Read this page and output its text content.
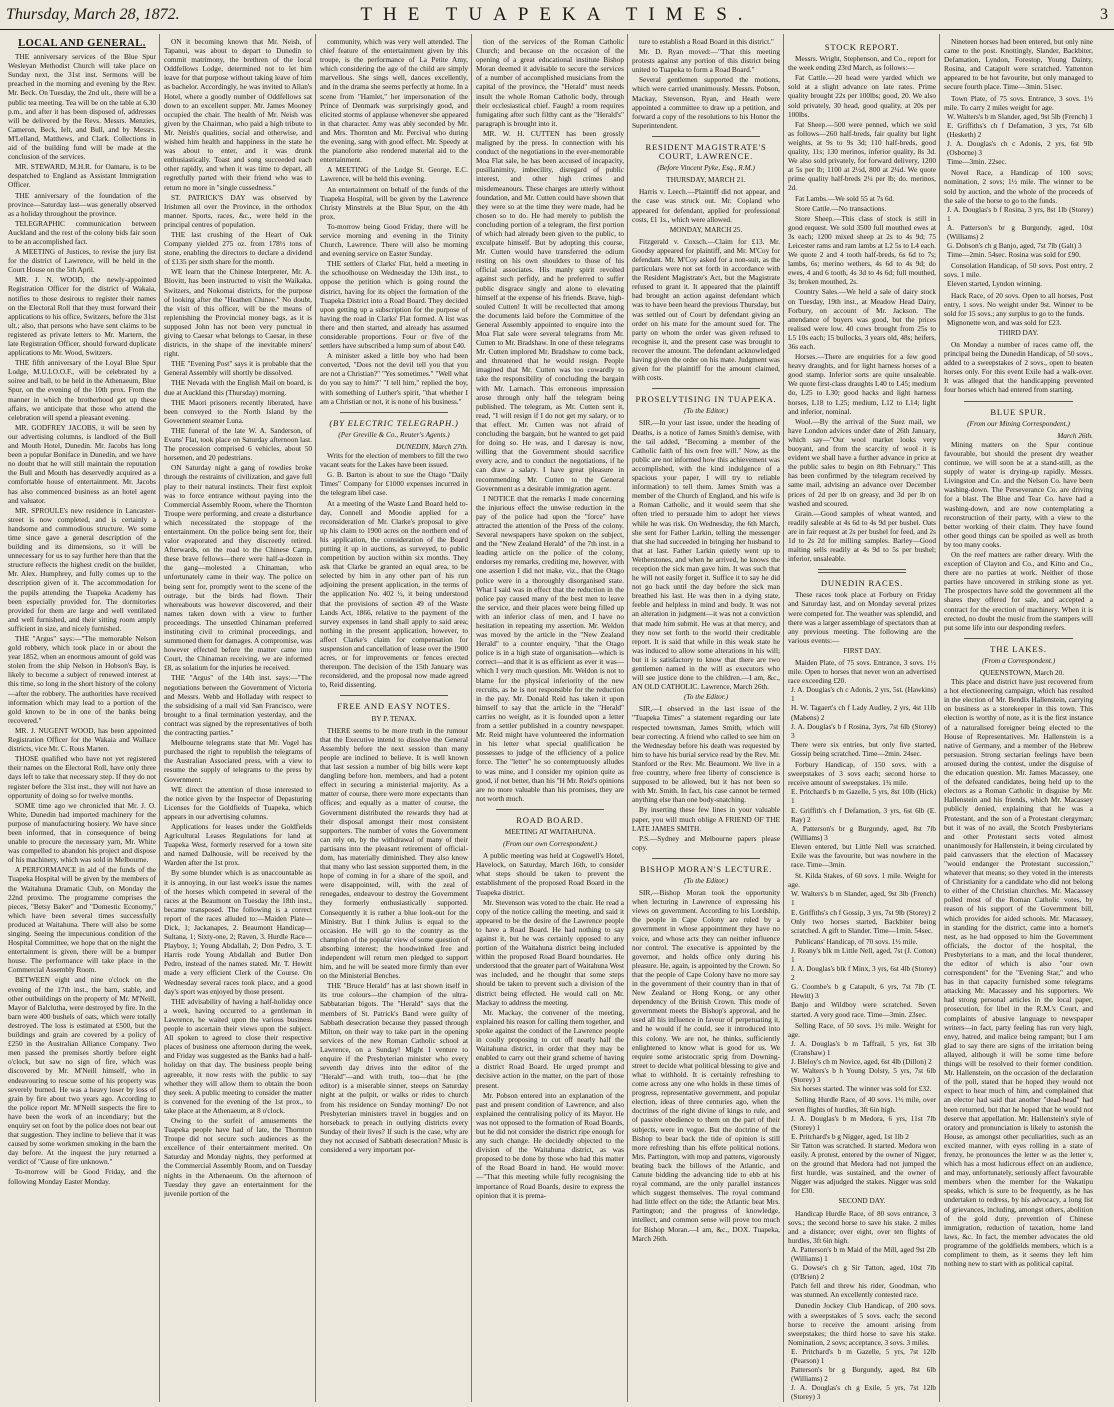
Thursday, March 28, 1872.	THE TUAPEKA TIMES.	3
LOCAL AND GENERAL.

THE anniversary services of the Blue Spur Wesleyan Methodist Church will take place on Sunday next, the 31st inst. Sermons will be preached in the morning and evening by the Rev. Mr. Beck. On Tuesday, the 2nd ult., there will be a public tea meeting. Tea will be on the table at 6.30 p.m., and after it has been disposed of, addresses will be delivered by the Revs. Messrs. Menzies, Cameron, Beck, Ielt, and Bull, and by Messrs. M'Lelland, Matthews, and Clark. Collections in aid of the building fund will be made at the conclusion of the services.

MR. STEWARD, M.H.R. for Oamaru, is to be despatched to England as Assistant Immigration Officer.

THE anniversary of the foundation of the province—Saturday last—was generally observed as a holiday throughout the province.

TELEGRAPHIC communication between Auckland and the rest of the colony bids fair soon to be an accomplished fact.

A MEETING of Justices, to revise the jury list for the district of Lawrence, will be held in the Court House on the 5th April.

MR. J. N. WOOD, the newly-appointed Registration Officer for the district of Wakaia, notifies to those desirous to register their names on the Electoral Roll that they must forward their applications to his office, Switzers, before the 31st ult.; also, that persons who have sent claims to be registered as private letters to Mr. Martern, the late Registration Officer, should forward duplicate applications to Mr. Wood, Switzers.

THE fifth anniversary of the Loyal Blue Spur Lodge, M.U.I.O.O.F., will be celebrated by a soiree and ball, to be held in the Athenaeum, Blue Spur, on the evening of the 10th prox. From the manner in which the brotherhood get up these affairs, we anticipate that those who attend the celebration will spend a pleasant evening.

MR. GODFREY JACOBS, it will be seen by our advertising columns, is landlord of the Bull and Mouth Hotel, Dunedin. Mr. Jacobs has long been a popular Boniface in Dunedin, and we have no doubt that he will still maintain the reputation the Bull and Mouth has deservedly acquired as a comfortable house of entertainment. Mr. Jacobs has also commenced business as an hotel agent and valuator.

MR. SPROULE's new residence in Lancaster-street is now completed, and is certainly a handsome and commodious structure. We some time since gave a general description of the building and its dimensions, so it will be unnecessary for us to say further here than that the structure reflects the highest credit on the builder, Mr. Alex. Humphrey, and fully comes up to the description given of it. The accommodation for the pupils attending the Tuapeka Academy has been especially provided for. The dormitories provided for them are large and well ventilated and well furnished, and their sitting room amply sufficient in size, and nicely furnished.

THE "Argus" says:—"The memorable Nelson gold robbery, which took place in or about the year 1852, when an enormous amount of gold was stolen from the ship Nelson in Hobson's Bay, is likely to become a subject of renewed interest at this time, so long in the short history of the colony—after the robbery. The authorities have received information which may lead to a portion of the gold known to be in one of the banks being recovered."

MR. J. NUGENT WOOD, has been appointed Registration Officer for the Wakaia and Wallace districts, vice Mr. C. Rous Marten.

THOSE qualified who have not yet registered their names on the Electoral Roll, have only three days left to take that necessary step. If they do not register before the 31st inst., they will not have an opportunity of doing so for twelve months.

SOME time ago we chronicled that Mr. J. O. White, Dunedin had imported machinery for the purpose of manufacturing hosiery. We have since been informed, that in consequence of being unable to procure the necessary yarn, Mr. White was compelled to abandon his project and dispose of his machinery, which was sold in Melbourne.

A PERFORMANCE in aid of the funds of the Tuapeka Hospital will be given by the members of the Waitahuna Dramatic Club, on Monday the 22nd proximo. The programme comprises the pieces, "Betsy Baker" and "Domestic Economy," which have been several times successfully produced at Waitahuna. There will also be some singing. Seeing the impecunious condition of the Hospital Committee, we hope that on the night the entertainment is given, there will be a bumper house. The performance will take place in the Commercial Assembly Room.

BETWEEN eight and nine o'clock on the evening of the 17th inst., the barn, stable, and other outbuildings on the property of Mr. M'Neill, Mayor of Balclutha, were destroyed by fire. In the barn were 400 bushels of oats, which were totally destroyed. The loss is estimated at £500, but the buildings and grain are covered by a policy of £250 in the Australian Alliance Company. Two men passed the premises shortly before eight o'clock, but saw no sign of fire, which was discovered by Mr. M'Neill himself, who in endeavouring to rescue some of his property was severely burned. He was a heavy loser by loss of grain by fire about two years ago. According to the police report Mr. M'Neill suspects the fire to have been the work of an incendiary; but the enquiry set on foot by the police does not bear out that suggestion. They incline to believe that it was caused by some workmen smoking in the barn the day before. At the inquest the jury returned a verdict of "Cause of fire unknown."

To-morrow will be Good Friday, and the following Monday Easter Monday.

ON it becoming known that Mr. Neish, of Tapanui, was about to depart to Dunedin to commit matrimony, the brethren of the local Oddfellows Lodge, determined not to let him leave for that purpose without taking leave of him as bachelor. Accordingly, he was invited to Allan's Hotel, where a goodly number of Oddfellows sat down to an excellent supper. Mr. James Mooney occupied the chair. The health of Mr. Neish was given by the Chairman, who paid a high tribute to Mr. Neish's qualities, social and otherwise, and wished him health and happiness in the state he was about to enter, and it was drunk enthusiastically. Toast and song succeeded each other rapidly, and when it was time to depart, all regretfully parted with their friend who was to return no more in "single cussedness."

ST. PATRICK'S DAY was observed by Irishmen all over the Province, in the orthodox manner. Sports, races, &c., were held in the principal centres of population.

THE last crushing of the Heart of Oak Company yielded 275 oz. from 178½ tons of stone, enabling the directors to declare a dividend of £135 per sixth share for the month.

WE learn that the Chinese Interpreter, Mr. A. Blovitt, has been instructed to visit the Waikaka, Switzers, and Nokomai districts, for the purpose of looking after the "Heathen Chinee." No doubt, the visit of this officer, will be the means of replenishing the Provincial money bags, as it is supposed John has not been very punctual in giving to Caesar what belongs to Caesar, in these districts, in the shape of the inevitable miners' right.

THE "Evening Post" says it is probable that the General Assembly will shortly be dissolved.

THE Nevada with the English Mail on board, is due at Auckland this (Thursday) morning.

THE Maori prisoners recently liberated, have been conveyed to the North Island by the Government steamer Luna.

THE funeral of the late W. A. Sanderson, of Evans' Flat, took place on Saturday afternoon last. The procession comprised 6 vehicles, about 50 horsemen, and 20 pedestrians.

ON Saturday night a gang of rowdies broke through the restraints of civilization, and gave full play to their natural instincts. Their first exploit was to force entrance without paying into the Commercial Assembly Room, where the Thornton Troupe were performing, and create a disturbance which necessitated the stoppage of the entertainment. On the police being sent for, their valor evaporated and they discreetly retired. Afterwards, on the road to the Chinese Camp, these brave fellows—there were half-a-dozen in the gang—molested a Chinaman, who unfortunately came in their way. The police on being sent for, promptly went to the scene of the outrage, but the birds had flown. Their whereabouts was however discovered, and their names taken down with a view to further proceedings. The unsettled Chinaman preferred instituting civil to criminal proceedings, and summoned them for damages. A compromise, was however effected before the matter came into Court, the Chinaman receiving, we are informed £8, as solatium for the injuries he received.

THE "Argus" of the 14th inst. says:—"The negotiations between the Government of Victoria and Messrs. Webb and Holladay with respect to the subsidising of a mail vid San Francisco, were brought to a final termination yesterday, and the contract was signed by the representatives of both the contracting parties."

Melbourne telegrams state that Mr. Vogel has purchased the right to republish the telegrams of the Australian Associated press, with a view to resume the supply of telegrams to the press by Government.

WE direct the attention of those interested to the notice given by the Inspector of Depasturing Licenses for the Goldfields of Tuapeka, which appears in our advertising columns.

Applications for leases under the Goldfields Agricultural Leases Regulations for land at Tuapeka West, formerly reserved for a town site and named Dalhousie, will be received by the Warden after the 1st prox.

By some blunder which is as unaccountable as it is annoying, in our last week's issue the names of the horses which competed in several of the races at the Beaumont on Tuesday the 18th inst., became transposed. The following is a correct report of the races alluded to:—Maiden Plate—Dick, 1; Jackanapes, 2. Beaumont Handicap—Sultana, 1; Sixty-one, 2; Raven, 3. Hurdle Race—Playboy, 1; Young Abdallah, 2; Don Pedro, 3. T. Harris rode Young Abdallah and Butler Don Pedro, instead of the names stated. Mr. T. Hewitt made a very efficient Clerk of the Course. On Wednesday several races took place, and a good day's sport was enjoyed by those present.

THE advisability of having a half-holiday once a week, having occurred to a gentleman in Lawrence, he waited upon the various business people to ascertain their views upon the subject. All spoken to agreed to close their respective places of business one afternoon during the week, and Friday was suggested as the Banks had a half-holiday on that day. The business people being agreeable, it now rests with the public to say whether they will allow them to obtain the boon they seek. A public meeting to consider the matter is convened for the evening of the 1st prox., to take place at the Athenaeum, at 8 o'clock.

Owing to the surfeit of amusements the Tuapeka people have had of late, the Thornton Troupe did not secure such audiences as the excellence of their entertainment merited. On Saturday and Monday nights, they performed at the Commercial Assembly Room, and on Tuesday nights in the Athenaeum. On the afternoon of Tuesday they gave an entertainment for the juvenile portion of the

community, which was very well attended. The chief feature of the entertainment given by this troupe, is the performance of La Petite Amy, which considering the age of the child are simply marvellous. She sings well, dances excellently, and in the drama she seems perfectly at home. In a scene from "Hamlet," her impersonation of the Prince of Denmark was surprisingly good, and elicited storms of applause whenever she appeared in that character. Amy was ably seconded by Mr. and Mrs. Thornton and Mr. Percival who during the evening, sang with good effect. Mr. Speedy at the pianoforte also rendered material aid to the entertainment.

A MEETING of the Lodge St. George, E.C. Lawrence, will be held this evening.

An entertainment on behalf of the funds of the Tuapeka Hospital, will be given by the Lawrence Christy Minstrels at the Blue Spur, on the 4th prox.

To-morrow being Good Friday, there will be service morning and evening in the Trinity Church, Lawrence. There will also be morning and evening service on Easter Sunday.

THE settlers of Clarks' Flat, held a meeting in the schoolhouse on Wednesday the 13th inst., to oppose the petition which is going round the district, having for its object the formation of the Tuapeka District into a Road Board. They decided upon getting up a subscription for the purpose of having the road in Clarks' Flat formed. A list was there and then started, and already has assumed considerable proportions. Four or five of the settlers have subscribed a lump sum of about £40.

A minister asked a little boy who had been converted, "Does not the devil tell you that you are not a Christian?" "Yes sometimes." "Well what do you say to him?" "I tell him," replied the boy, with something of Luther's spirit, "that whether I am a Christian or not, it is none of his business."

(BY ELECTRIC TELEGRAPH.)
(Per Greville & Co., Reuter's Agents.)

DUNEDIN, March 27th.

Writs for the election of members to fill the two vacant seats for the Lakes have been issued.

G. B. Barton is about to sue the Otago "Daily Times" Company for £1000 expenses incurred in the telegram libel case.

At a meeting of the Waste Land Board held to-day, Connell and Moodie applied for a reconsideration of Mr. Clarke's proposal to give up his claim to 1900 acres on the northern end of his application, the consideration of the Board putting it up in auctions, as surveyed, to public competition by auction within six months. They ask that Clarke be granted an equal area, to be selected by him in any other part of his run adjoining the present application, in the terms of the application No. 402 ½, it being understood that the provisions of section 49 of the Waste Lands Act, 1866, relative to the payment of the survey expenses in land shall apply to said area; nothing in the present application, however, to affect Clarke's claim for compensation for suspension and cancellation of lease over the 1900 acres, or for improvements or fences erected thereupon. The decision of the 15th January was reconsidered, and the proposal now made agreed to, Reid dissenting.

FREE AND EASY NOTES.
BY P. TENAX.

THERE seems to be more truth in the rumour that the Executive intend to dissolve the General Assembly before the next session than many people are inclined to believe. It is well known that last session a number of big bills were kept dangling before hon. members, and had a potent effect in securing a ministerial majority. As a matter of course, there were more expectants than offices; and equally as a matter of course, the Government distributed the rewards they had at their disposal amongst their most consistent supporters. The number of votes the Government can rely on, by the withdrawal of many of their partisans into the pleasant retirement of official-dom, has materially diminished. They also know that many who last session supported them, in the hope of coming in for a share of the spoil, and were disappointed, will, with the zeal of renegades, endeavour to destroy the Government they formerly enthusiastically supported. Consequently it is rather a blue look-out for the Ministry. But I think Julius is equal to the occasion. He will go to the country as the champion of the popular view of some question of absorbing interest; the hoodwinked free and independent will return men pledged to support him, and he will be seated more firmly than ever on the Ministerial Benches.

THE "Bruce Herald" has at last shown itself in its true colours—the champion of the ultra-Sabbatarian bigots. The "Herald" says that the members of St. Patrick's Band were guilty of Sabbath desecration because they passed through Milton, on their way to take part in the opening services of the new Roman Catholic school at Lawrence, on a Sunday! Might I venture to enquire if the Presbyterian minister who every seventh day drives into the editor of the "Herald"—and with truth, too—that he (the editor) is a miserable sinner, steeps on Saturday night at the pulpit, or walks or rides to church from his residence on Sunday morning? Do not Presbyterian ministers travel in buggies and on horseback to preach in outlying districts every Sunday of their lives? If such is the case, why are they not accused of Sabbath desecration? Music is considered a very important por-

tion of the services of the Roman Catholic Church; and because on the occasion of the opening of a great educational institute Bishop Moran deemed it advisable to secure the services of a number of accomplished musicians from the capital of the province, the "Herald" must needs insult the whole Roman Catholic body, through their ecclesiastical chief. Faugh! a room requires fumigating after such filthy cant as the "Herald's" paragraph is brought into it.

MR. W. H. CUTTEN has been grossly maligned by the press. In connection with his conduct of the negotiations in the ever-memorable Moa Flat sale, he has been accused of incapacity, pusillanimity, imbecility, disregard of public interest, and other high crimes and misdemeanours. These charges are utterly without foundation, and Mr. Cutten could have shown that they were so at the time they were made, had he chosen so to do. He had merely to publish the concluding portion of a telegram, the first portion of which had already been given to the public, to exculpate himself. But by adopting this course, Mr. Cutten would have transferred the odium resting on his own shoulders to those of his official associates. His manly spirit revolted against such perfidy, and he preferred to suffer public disgrace singly and alone to elevating himself at the expense of his friends. Brave, high-souled Cutten! It will be recollected that among the documents laid before the Committee of the General Assembly appointed to enquire into the Moa Flat sale were several telegrams from Mr. Cutten to Mr. Bradshaw. In one of these telegrams Mr. Cutten implored Mr. Bradshaw to come back, and threatened that he would resign. People imagined that Mr. Cutten was too cowardly to take the responsibility of concluding the bargain with Mr. Larnach. This erroneous impression arose through only half the telegram being published. The telegram, as Mr. Cutten sent it, read, "I will resign if I do not get my salary, or to that effect. Mr. Cutten was not afraid of concluding the bargain, but he wanted to get paid for doing so. He was, and I daresay is now, willing that the Government should sacrifice every acre, and to conduct the negotiations, if he can draw a salary. I have great pleasure in recommending Mr. Cutten to the General Government as a desirable immigration agent.

I NOTICE that the remarks I made concerning the injurious effect the unwise reduction in the pay of the police had upon the "force" have attracted the attention of the Press of the colony. Several newspapers have spoken on the subject, and the "New Zealand Herald" of the 7th inst. in a leading article on the police of the colony, endorses my remarks, crediting me, however, with one assertion I did not make, viz., that the Otago police were in a thoroughly disorganised state. What I said was in effect that the reduction in the police pay caused many of the best men to leave the service, and their places were being filled up with an inferior class of men, and I have no hesitation in repeating my assertion. Mr. Weldon was moved by the article in the "New Zealand Herald" to a counter enquiry, "that the Otago police is in a high state of organisation—which is correct—and that it is as efficient as ever it was—which I very much question. Mr. Weldon is not to blame for the physical inferiority of the new recruits, as he is not responsible for the reduction in the pay. Mr. Donald Reid has taken it upon himself to say that the article in the "Herald" carries no weight, as it is founded upon a letter from a settler published in a country newspaper. Mr. Reid might have volunteered the information in his letter what special qualification he possesses to judge of the efficiency of a police force. The "letter" he so contemptuously alludes to was mine, and I consider my opinion quite as good, if not better, than his "H Mr. Reid's opinions are no more valuable than his promises, they are not worth much.

ROAD BOARD.
MEETING AT WAITAHUNA.
(From our own Correspondent.)

A public meeting was held at Cogswell's Hotel, Havelock, on Saturday, March 16th, to consider what steps should be taken to prevent the establishment of the proposed Road Board in the Tuapeka district.

Mr. Stevenson was voted to the chair. He read a copy of the notice calling the meeting, and said it appeared to be the desire of the Lawrence people to have a Road Board. He had nothing to say against it, but he was certainly opposed to any portion of the Waitahuna district being included within the proposed Road Board boundaries. He understood that the greater part of Waitahuna West was included, and he thought that some steps should be taken to prevent such a division of the district being effected. He would call on Mr. Mackay to address the meeting.

Mr. Mackay, the convener of the meeting, explained his reason for calling them together, and spoke against the conduct of the Lawrence people in coolly proposing to cut off nearly half the Waitahuna district, in order that they may be enabled to carry out their grand scheme of having a district Road Board. He urged prompt and decisive action in the matter, on the part of those present.

Mr. Pobson entered into an explanation of the past and present condition of Lawrence, and also explained the centralising policy of its Mayor. He was not opposed to the formation of Road Boards, but he did not consider the district ripe enough for any such change. He decidedly objected to the division of the Waitahuna district, as was proposed to be done by those who had this matter of the Road Board in hand. He would move:—"That this meeting while fully recognising the importance of Road Boards, desire to express the opinion that it is prema-

ture to establish a Road Board in this district."

Mr. D. Ryan moved:—"That this meeting protests against any portion of this district being united to Tuapeka to form a Road Board."

Several gentlemen supported the motions, which were carried unanimously. Messrs. Pobson, Mackay, Stevenson, Ryan, and Heath were appointed a committee to draw up a petition, and forward a copy of the resolutions to his Honor the Superintendent.

RESIDENT MAGISTRATE'S COURT, LAWRENCE.
(Before Vincent Pyke, Esq., R.M.)
THURSDAY, MARCH 21.

Harris v. Leech.—Plaintiff did not appear, and the case was struck out. Mr. Copland who appeared for defendant, applied for professional costs, £1 1s., which were allowed.

MONDAY, MARCH 25.

Fitzgerald v. Coxsch.—Claim for £13. Mr. Goodsy appeared for plaintiff, and Mr. M'Coy for defendant. Mr. M'Coy asked for a non-suit, as the particulars were not set forth in accordance with the Resident Magistrate's Act, but the Magistrate refused to grant it. It appeared that the plaintiff had brought an action against defendant which was to have been heard the previous Thursday, but was settled out of Court by defendant giving an order on his mate for the amount sued for. The party on whom the order was given refused to recognise it, and the present case was brought to recover the amount. The defendant acknowledged having given the order on his mate. Judgment was given for the plaintiff for the amount claimed, with costs.

PROSELYTISING IN TUAPEKA.
(To the Editor.)

SIR,—In your last issue, under the heading of Deaths, is a notice of James Smith's demise, with the tail added, "Becoming a member of the Catholic faith of his own free will." Now, as the public are not informed how this achievement was accomplished, with the kind indulgence of a spacious your paper, I will try to reliable information) to tell them. James Smith was a member of the Church of England, and his wife is a Roman Catholic, and it would seem that she often tried to persuade him to adopt her views while he was risk. On Wednesday, the 6th March, she sent for Father Larkin, telling the messenger that she had succeeded in bringing her husband to that at last. Father Larkin quietly went up to Wetherstones, and when he arrived, he knows the reception the sick man gave him. It was such that he will not easily forget it. Suffice it to say he did not go back until the day before the sick man breathed his last. He was then in a dying state, feeble and helpless in mind and body. It was not an alteration in judgment—it was not a conviction that made him submit. He was at that mercy, and they now set forth to the world their creditable report. It is said that while in this weak state he was induced to allow some alterations in his will; but it is satisfactory to know that there are two gentlemen named in the will as executors who will see justice done to the children.—I am, &c., AN OLD CATHOLIC. Lawrence, March 26th.

(To the Editor.)

SIR,—I observed in the last issue of the "Tuapeka Times" a statement regarding our late respected townsman, James Smith, which will bear correcting. A friend who called to see him on the Wednesday before his death was requested by him to have his burial service read by the Rev. Mr. Stanford or the Rev. Mr. Beaumont. We live in a free country, where free liberty of conscience is supposed to be allowed, but it has not been so with Mr. Smith. In fact, his case cannot be termed anything else than one body-snatching.

By inserting these few lines in your valuable paper, you will much oblige A FRIEND OF THE LATE JAMES SMITH.

P.S.—Sydney and Melbourne papers please copy.

BISHOP MORAN'S LECTURE.
(To the Editor.)

SIR,—Bishop Moran took the opportunity when lecturing in Lawrence of expressing his views on government. According to his Lordship, the people in Cape Colony are ruled by a government in whose appointment they have no voice, and whose acts they can neither influence nor control. The executive is appointed by the governor, and holds office only during his pleasure. He, again, is appointed by the Crown. So that the people of Cape Colony have no more say in the government of their country than in that of New Zealand or Hong Kong, or any other dependency of the British Crown. This mode of government meets the Bishop's approval, and he used all his influence in favour of perpetuating it, and he would if he could, see it introduced into this colony. We are not, he thinks, sufficiently enlightened to know what is good for us. We require some aristocratic sprig from Downing-street to decide what political blessing to give and what to withhold. It is certainly refreshing to come across any one who holds in these times of progress, representative government, and popular election, ideas of three centuries ago, when the doctrines of the right divine of kings to rule, and of passive obedience to them on the part of their subjects, were in vogue. But the doctrine of the Bishop to bear back the tide of opinion is still more refreshing than his effete political notions. Mrs. Partington, with mop and pattens, vigorously beating back the billows of the Atlantic, and Canute bidding the advancing tide to ebb at his royal command, are the only parallel instances which suggest themselves. The royal command had little effect on the tide; the Atlantic beat Mrs. Partington; and the progress of knowledge, intellect, and common sense will prove too much for Bishop Moran.—I am, &c., DOX. Tuapeka, March 26th.

STOCK REPORT.

Messrs. Wright, Stephenson, and Co., report for the week ending 23rd March, as follows:—

Fat Cattle.—20 head were yarded which we sold at a slight advance on late rates. Prime quality brought 22s per 100lbs; good, 20. We also sold privately, 30 head, good quality, at 20s per 100lbs.

Fat Sheep.—500 were penned, which we sold as follows—260 half-breds, fair quality but light weights, at 9s to 9s 3d; 110 half-breds, good quality, 11s; 130 merinos, inferior quality, 8s 3d. We also sold privately, for forward delivery, 1200 at 5s per lb; 1100 at 2½d, 800 at 2¼d. We quote prime quality half-breds 2¼ per lb; do. merinos, 2d.

Fat Lambs.—We sold 55 at 7s 6d.

Store Cattle.—No transactions.

Store Sheep.—This class of stock is still in good request. We sold 3500 full mouthed ewes at 3s each; 1200 mixed sheep at 2s to 4s 9d; 75 Leicester rams and ram lambs at L2 5s to L4 each. We quote 2 and 4 tooth half-breds, 6s 6d to 7s; lambs, 6s; merino wethers, 4s 6d to 4s 9d; do ewes, 4 and 6 tooth, 4s 3d to 4s 6d; full mouthed, 3s; broken mouthed, 2s.

Country Sales.—We held a sale of dairy stock on Tuesday, 19th inst., at Meadow Head Dairy, Forbury, on account of Mr. Jackson. The attendance of buyers was good, but the prices realised were low. 40 cows brought from 25s to L5 10s each; 15 bullocks, 3 years old, 48s; heifers, 36s each.

Horses.—There are enquiries for a few good heavy draughts, and for light harness horses of a good stamp. Inferior sorts are quite unsaleable. We quote first-class draughts L40 to L45; medium do, L25 to L30; good hacks and light harness horses, L18 to L25; medium, L12 to L14; light and inferior, nominal.

Wool.—By the arrival of the Suez mail, we have London advices under date of 26th January, which say—"Our wool market looks very buoyant, and from the scarcity of wool it is evident we shall have a further advance in price at the public sales to begin on 8th February." This has been confirmed by the telegram received by same mail, advising an advance over December prices of 2d per lb on greasy, and 3d per lb on washed and scoured.

Grain.—Good samples of wheat wanted, and readily saleable at 4s 6d to 4s 9d per bushel. Oats are in fair request at 2s per bushel for feed, and 2s 1d to 2s 2d for milling samples. Barley—Good malting sells readily at 4s 9d to 5s per bushel; inferior, unsaleable.

DUNEDIN RACES.

These races took place at Forbury on Friday and Saturday last, and on Monday several prizes were competed for. The weather was splendid, and there was a larger assemblage of spectators than at any previous meeting. The following are the various events:—

FIRST DAY.
Maiden Plate, of 75 sovs. Entrance, 3 sovs. 1½ mile. Open to horses that never won an advertised race exceeding £20.
J. A. Douglas's ch c Adonis, 2 yrs, 5st. (Hawkins) 1
H. W. Tagaert's ch f Lady Audley, 2 yrs, 4st 11lb (Mabens) 2
J. A. Douglas's b f Rosina, 3yrs, 7st 6lb (Storey) 3
There were six entries, but only five started, Gossip being scratched. Time—2min. 24sec.
Forbury Handicap, of 150 sovs. with a sweepstakes of 3 sovs each; second horse to receive amount of sweepstakes. 1¾ mile.
E. Pritchard's b m Gazelle, 5 yrs, 8st 10lb (Hick) 1
E. Griffith's ch f Defamation, 3 yrs, 6st 6lb (E. Ray) 2
A. Patterson's br g Burgundy, aged, 8st 7lb (Williams) 3
Eleven entered, but Little Nell was scratched. Exile was the favourite, but was nowhere in the race. Time—3min.
St. Kilda Stakes, of 60 sovs. 1 mile. Weight for age.
W. Walters's b m Slander, aged, 9st 3lb (French) 1
E. Griffiths's ch f Gossip, 3 yrs, 7st 9lb (Storey) 2
Only two horses started, Backbiter being scratched. A gift to Slander. Time—1min. 54sec.
Publicans' Handicap, of 70 sovs. 1½ mile.
J. Reany's blk m Little Nell, aged, 7st (J. Cotton) 1
J. A. Douglas's blk f Minx, 3 yrs, 6st 4lb (Storey) 2
G. Coombe's b g Catapult, 6 yrs, 7st 7lb (T. Hewitt) 3
Banjo and Wildboy were scratched. Seven started. A very good race. Time—3min. 23sec.
Selling Race, of 50 sovs. 1½ mile. Weight for age.
J. A. Douglas's b m Taffrail, 5 yrs, 6st 3lb (Cranshaw) 1
J. Bleloy's ch m Novice, aged, 6st 4lb (Dillon) 2
W. Walters's b h Young Dolsty, 5 yrs, 7st 6lb (Storey) 3
Six horses started. The winner was sold for £32.
Selling Hurdle Race, of 40 sovs. 1½ mile, over seven flights of hurdles, 3ft 6in high.
J. A. Douglas's b m Medora, 6 yrs, 11st 7lb (Storey) 1
E. Pritchard's b g Nigger, aged, 1st 1lb 2
Sir Tatton was scratched. It started. Medora won easily. A protest, entered by the owner of Nigger, on the ground that Medora had not jumped the first hurdle, was sustained, and the owner of Nigger was adjudged the stakes. Nigger was sold for £30.
SECOND DAY.
Handicap Hurdle Race, of 80 sovs entrance, 3 sovs.; the second horse to save his stake. 2 miles and a distance; over eight, over ten flights of hurdles, 3ft 6in high.
A. Patterson's b m Maid of the Mill, aged 9st 2lb (Williams) 1
G. Dowse's ch g Sir Tatton, aged, 10st 7lb (O'Brien) 2
Patch fell and threw his rider, Goodman, who was stunned. An excellently contested race.
Dunedin Jockey Club Handicap, of 200 sovs. with a sweepstakes of 5 sovs. each; the second horse to receive the amount arising from sweepstakes; the third horse to save his stake. Nomination, 2 sovs; acceptance, 3 sovs. 3 miles.
E. Pritchard's b m Gazelle, 5 yrs, 7st 12lb (Pearson) 1
Patterson's br g Burgundy, aged, 8st 6lb (Williams) 2
J. A. Douglas's ch g Exile, 5 yrs, 7st 12lb (Storey) 3

Nineteen horses had been entered, but only nine came to the post. Knottingly, Slander, Backbiter, Defamation, Lyndon, Forestop, Young Dainty, Rosina, and Catapult were scratched. Yattenton appeared to be hot favourite, but only managed to secure fourth place. Time—3min. 51sec.

Town Plate, of 75 sovs. Entrance, 3 sovs. 1½ mile. To carry 2 miles weight for age.
W. Walters's b m Slander, aged, 9st 5lb (French) 1
E. Griffiths's ch f Defamation, 3 yrs, 7st 6lb (Hesketh) 2
J. A. Douglas's ch c Adonis, 2 yrs, 6st 9lb (Osborne) 3
Time—3min. 22sec.
Novel Race, a Handicap of 100 sovs; nomination, 2 sovs; 1½ mile. The winner to be sold by auction, and the whole of the proceeds of the sale of the horse to go to the funds.
J. A. Douglas's b f Rosina, 3 yrs, 8st 1lb (Storey) 1
A. Patterson's br g Burgundy, aged, 10st (Williams) 2
G. Dobson's ch g Banjo, aged, 7st 7lb (Galt) 3
Time—2min. 54sec. Rosina was sold for £90.
Consolation Handicap, of 50 sovs. Post entry, 2 sovs. 1 mile.
Eleven started, Lyndon winning.
Hack Race, of 20 sovs. Open to all horses, Post entry, 1 sovs. No weight under 9st. Winner to be sold for 15 sovs.; any surplus to go to the funds.
Mignonette won, and was sold for £23.
THIRD DAY.

On Monday a number of races came off, the principal being the Dunedin Handicap, of 50 sovs., added to a sweepstakes of 2 sovs., open to beaten horses only. For this event Exile had a walk-over. It was alleged that the handicapping prevented four horses which had entered from starting.

BLUE SPUR.
(From our Mining Correspondent.)

March 26th.

Mining matters on the Spur continue favourable, but should the present dry weather continue, we will soon be at a stand-still, as the supply of water is drying-up rapidly. Messrs. Livingston and Co. and the Nelson Co. have been washing-down. The Perseverance Co. are driving for a blast. The Blue and Tear Co. have had a washing-down, and are now contemplating a reconstruction of their party, with a view to the better working of their claim. They have found other good things can be spoiled as well as broth by too many cooks.

On the reef matters are rather dreary. With the exception of Clayton and Co., and Kitto and Co., there are no parties at work. Neither of those parties have uncovered in striking stone as yet. The prospectors have sold the government all the shares they offered for sale, and accepted a contract for the erection of machinery. When it is erected, no doubt the music from the stampers will put some life into our desponding reefers.

THE LAKES.
(From a Correspondent.)

QUEENSTOWN, March 20.

This place and district have just recovered from a hot electioneering campaign, which has resulted in the election of Mr. Bendix Hallenstein, carrying on business as a storekeeper in this town. This election is worthy of note, as it is the first instance of a naturalised foreigner being elected to the House of Representatives. Mr. Hallenstein is a native of Germany, and a member of the Hebrew persuasion. Strong sectarian feelings have been aroused during the contest, under the disguise of the education question. Mr. James Macassey, one of the defeated candidates, being held up to the electors as a Roman Catholic in disguise by Mr. Hallenstein and his friends, which Mr. Macassey publicly denied, explaining that he was a Protestant, and the son of a Protestant clergyman; but it was of no avail, the Scotch Presbyterians and other Protestant sects voted almost unanimously for Hallenstein, it being circulated by paid canvassers that the election of Macassey "would endanger the Protestant succession," whatever that means; so they voted in the interests of Christianity for a candidate who did not belong to either of the Christian churches. Mr. Macassey polled most of the Roman Catholic votes, by reason of his support of the Government bill, which provides for aided schools. Mr. Macassey, in standing for the district, came into a hornet's nest, as he had opposed to him the Government officials, the doctor of the hospital, the Presbyterians to a man, and the local thunderer, the editor of which is also "our own correspondent" for the "Evening Star," and who has in that capacity furnished some telegrams attacking Mr. Macassey and his supporters. We had strong personal articles in the local paper, prosecution, for libel in the R.M.'s Court, and complaints of abusive language to newspaper writers—in fact, party feeling has run very high, envy, hatred, and malice being rampant; but I am glad to say there are signs of the irritation being allayed, although it will be some time before things will be resolved to their former condition. Mr. Hallenstein, on the occasion of the declaration of the poll, stated that he hoped they would not expect to hear much of him, and complained that an elector had said that another "dead-head" had been returned, but that he hoped that he would not deserve that appellation. Mr. Hallenstein's style of oratory and pronunciation is likely to astonish the House, as amongst other peculiarities, such as an excited manner, with eyes rolling in a state of frenzy, he pronounces the letter w as the letter v, which has a most ludicrous effect on an audience, and may, unfortunately, seriously affect favourable members when the member for the Wakatipu speaks, which is sure to be frequently, as he has undertaken to redress, by his advocacy, a long list of grievances, including, amongst others, abolition of the gold duty, prevention of Chinese immigration, reduction of taxation, home land laws, &c. In fact, the member advocates the old programme of the goldfields members, which is a compliment to them, as it seems they left him nothing new to start with as political capital.
